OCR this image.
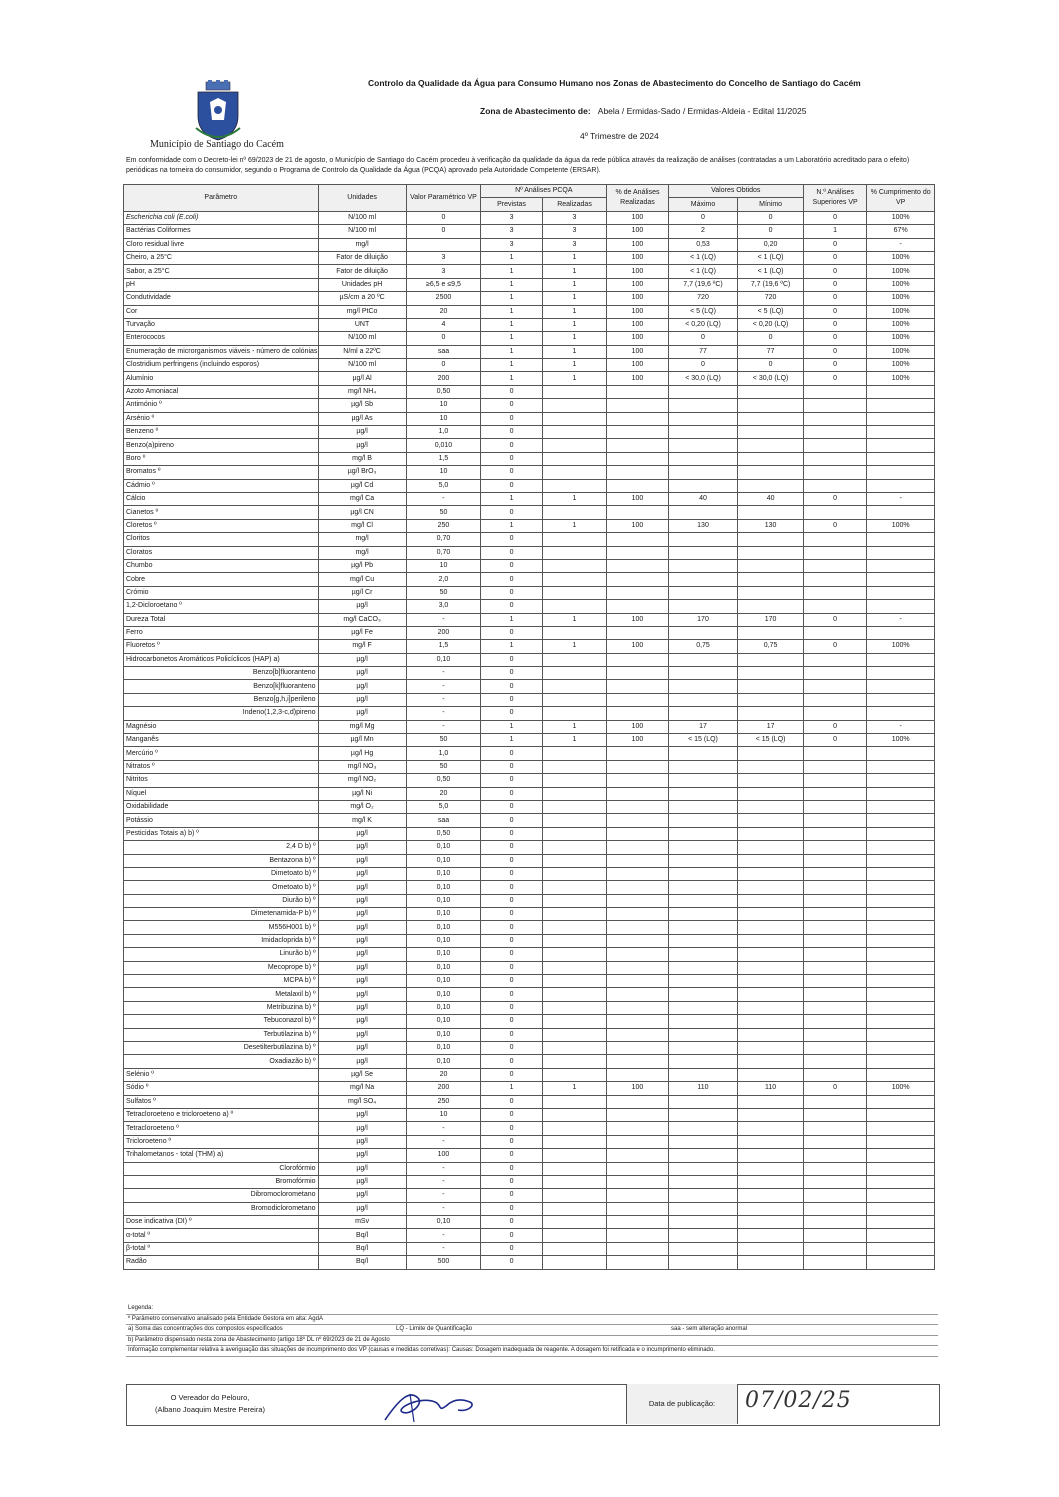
Município de Santiago do Cacém
Controlo da Qualidade da Água para Consumo Humano nos Zonas de Abastecimento do Concelho de Santiago do Cacém
Zona de Abastecimento de: Abela / Ermidas-Sado / Ermidas-Aldeia - Edital 11/2025
4º Trimestre de 2024
Em conformidade com o Decreto-lei nº 69/2023 de 21 de agosto, o Município de Santiago do Cacém procedeu à verificação da qualidade da água da rede pública através da realização de análises (contratadas a um Laboratório acreditado para o efeito) periódicas na torneira do consumidor, segundo o Programa de Controlo da Qualidade da Água (PCQA) aprovado pela Autoridade Competente (ERSAR).
Parâmetro	Unidades	Valor Paramétrico VP	Nº Análises PCQA		% de Análises Realizadas	Valores Obtidos		N.º Análises Superiores VP	% Cumprimento do VP
			Previstas	Realizadas		Máximo	Mínimo		
Escherichia coli (E.coli)	N/100 ml	0	3	3	100	0	0	0	100%
Bactérias Coliformes	N/100 ml	0	3	3	100	2	0	1	67%
Cloro residual livre	mg/l		3	3	100	0,53	0,20	0	-
Cheiro, a 25°C	Fator de diluição	3	1	1	100	< 1 (LQ)	< 1 (LQ)	0	100%
Sabor, a 25°C	Fator de diluição	3	1	1	100	< 1 (LQ)	< 1 (LQ)	0	100%
pH	Unidades pH	≥6,5 e ≤9,5	1	1	100	7,7 (19,6 ºC)	7,7 (19,6 ºC)	0	100%
Condutividade	µS/cm a 20 ºC	2500	1	1	100	720	720	0	100%
Cor	mg/l PtCo	20	1	1	100	< 5 (LQ)	< 5 (LQ)	0	100%
Turvação	UNT	4	1	1	100	< 0,20 (LQ)	< 0,20 (LQ)	0	100%
Enterococos	N/100 ml	0	1	1	100	0	0	0	100%
Enumeração de microrganismos viáveis - número de colónias	N/ml a 22ºC	saa	1	1	100	77	77	0	100%
Clostridium perfringens (incluindo esporos)	N/100 ml	0	1	1	100	0	0	0	100%
Alumínio	µg/l Al	200	1	1	100	< 30,0 (LQ)	< 30,0 (LQ)	0	100%
Azoto Amoniacal	mg/l NH₄	0,50	0						
Antimónio º	µg/l Sb	10	0						
Arsénio º	µg/l As	10	0						
Benzeno º	µg/l	1,0	0						
Benzo(a)pireno	µg/l	0,010	0						
Boro º	mg/l B	1,5	0						
Bromatos º	µg/l BrO₃	10	0						
Cádmio º	µg/l Cd	5,0	0						
Cálcio	mg/l Ca	-	1	1	100	40	40	0	-
Cianetos º	µg/l CN	50	0						
Cloretos º	mg/l Cl	250	1	1	100	130	130	0	100%
Cloritos	mg/l	0,70	0						
Cloratos	mg/l	0,70	0						
Chumbo	µg/l Pb	10	0						
Cobre	mg/l Cu	2,0	0						
Crómio	µg/l Cr	50	0						
1,2-Dicloroetano º	µg/l	3,0	0						
Dureza Total	mg/l CaCO₃	-	1	1	100	170	170	0	-
Ferro	µg/l Fe	200	0						
Fluoretos º	mg/l F	1,5	1	1	100	0,75	0,75	0	100%
Hidrocarbonetos Aromáticos Policíclicos (HAP) a)	µg/l	0,10	0						
Benzo[b]fluoranteno	µg/l	-	0						
Benzo[k]fluoranteno	µg/l	-	0						
Benzo[g,h,i]perileno	µg/l	-	0						
Indeno(1,2,3-c,d)pireno	µg/l	-	0						
Magnésio	mg/l Mg	-	1	1	100	17	17	0	-
Manganês	µg/l Mn	50	1	1	100	< 15 (LQ)	< 15 (LQ)	0	100%
Mercúrio º	µg/l Hg	1,0	0						
Nitratos º	mg/l NO₃	50	0						
Nitritos	mg/l NO₂	0,50	0						
Níquel	µg/l Ni	20	0						
Oxidabilidade	mg/l O₂	5,0	0						
Potássio	mg/l K	saa	0						
Pesticidas Totais a) b) º	µg/l	0,50	0						
2,4 D b) º	µg/l	0,10	0						
Bentazona b) º	µg/l	0,10	0						
Dimetoato b) º	µg/l	0,10	0						
Ometoato b) º	µg/l	0,10	0						
Diurão b) º	µg/l	0,10	0						
Dimetenamida-P b) º	µg/l	0,10	0						
M556H001 b) º	µg/l	0,10	0						
Imidacloprida b) º	µg/l	0,10	0						
Linurão b) º	µg/l	0,10	0						
Mecoprope b) º	µg/l	0,10	0						
MCPA b) º	µg/l	0,10	0						
Metalaxil b) º	µg/l	0,10	0						
Metribuzina b) º	µg/l	0,10	0						
Tebuconazol b) º	µg/l	0,10	0						
Terbutilazina b) º	µg/l	0,10	0						
Desetilterbutilazina b) º	µg/l	0,10	0						
Oxadiazão b) º	µg/l	0,10	0						
Selénio º	µg/l Se	20	0						
Sódio º	mg/l Na	200	1	1	100	110	110	0	100%
Sulfatos º	mg/l SO₄	250	0						
Tetracloroeteno e tricloroeteno a) º	µg/l	10	0						
Tetracloroeteno º	µg/l	-	0						
Tricloroeteno º	µg/l	-	0						
Trihalometanos - total (THM) a)	µg/l	100	0						
Clorofórmio	µg/l	-	0						
Bromofórmio	µg/l	-	0						
Dibromoclorometano	µg/l	-	0						
Bromodiclorometano	µg/l	-	0						
Dose indicativa (DI) º	mSv	0,10	0						
α-total º	Bq/l	-	0						
β-total º	Bq/l	-	0						
Radão	Bq/l	500	0						
Legenda:
º Parâmetro conservativo analisado pela Entidade Gestora em alta: AgdA
a) Soma das concentrações dos compostos especificados	LQ - Limite de Quantificação	saa - sem alteração anormal
b) Parâmetro dispensado nesta zona de Abastecimento (artigo 18º DL nº 69/2023 de 21 de Agosto
Informação complementar relativa à averiguação das situações de incumprimento dos VP (causas e medidas corretivas): Causas: Dosagem inadequada de reagente. A dosagem foi retificada e o incumprimento eliminado.
O Vereador do Pelouro,
(Albano Joaquim Mestre Pereira)
Data de publicação:	07/02/25
